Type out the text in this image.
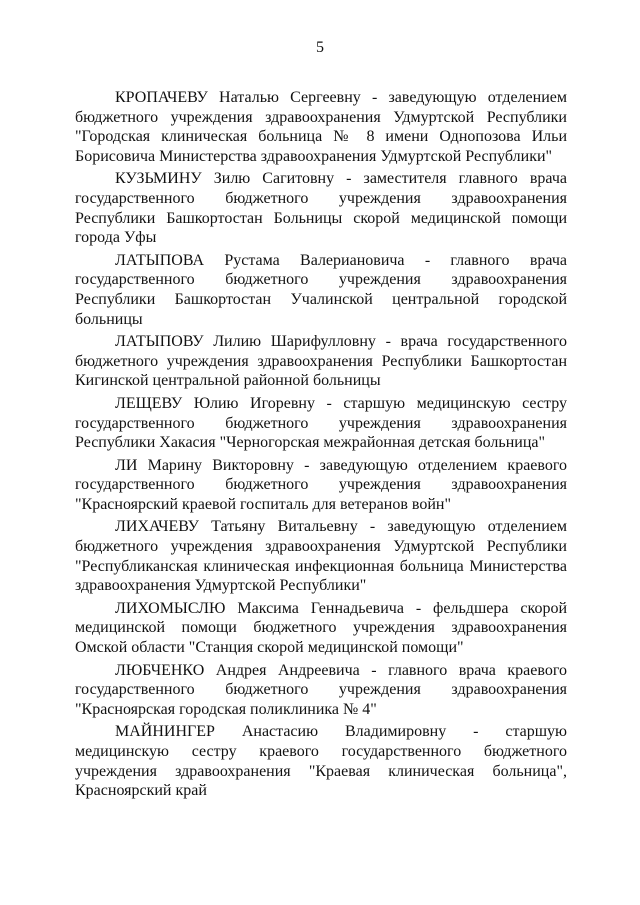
5

КРОПАЧЕВУ Наталью Сергеевну - заведующую отделением бюджетного учреждения здравоохранения Удмуртской Республики "Городская клиническая больница № 8 имени Однопозова Ильи Борисовича Министерства здравоохранения Удмуртской Республики"

КУЗЬМИНУ Зилю Сагитовну - заместителя главного врача государственного бюджетного учреждения здравоохранения Республики Башкортостан Больницы скорой медицинской помощи города Уфы

ЛАТЫПОВА Рустама Валериановича - главного врача государственного бюджетного учреждения здравоохранения Республики Башкортостан Учалинской центральной городской больницы

ЛАТЫПОВУ Лилию Шарифулловну - врача государственного бюджетного учреждения здравоохранения Республики Башкортостан Кигинской центральной районной больницы

ЛЕЩЕВУ Юлию Игоревну - старшую медицинскую сестру государственного бюджетного учреждения здравоохранения Республики Хакасия "Черногорская межрайонная детская больница"

ЛИ Марину Викторовну - заведующую отделением краевого государственного бюджетного учреждения здравоохранения "Красноярский краевой госпиталь для ветеранов войн"

ЛИХАЧЕВУ Татьяну Витальевну - заведующую отделением бюджетного учреждения здравоохранения Удмуртской Республики "Республиканская клиническая инфекционная больница Министерства здравоохранения Удмуртской Республики"

ЛИХОМЫСЛЮ Максима Геннадьевича - фельдшера скорой медицинской помощи бюджетного учреждения здравоохранения Омской области "Станция скорой медицинской помощи"

ЛЮБЧЕНКО Андрея Андреевича - главного врача краевого государственного бюджетного учреждения здравоохранения "Красноярская городская поликлиника № 4"

МАЙНИНГЕР Анастасию Владимировну - старшую медицинскую сестру краевого государственного бюджетного учреждения здравоохранения "Краевая клиническая больница", Красноярский край
